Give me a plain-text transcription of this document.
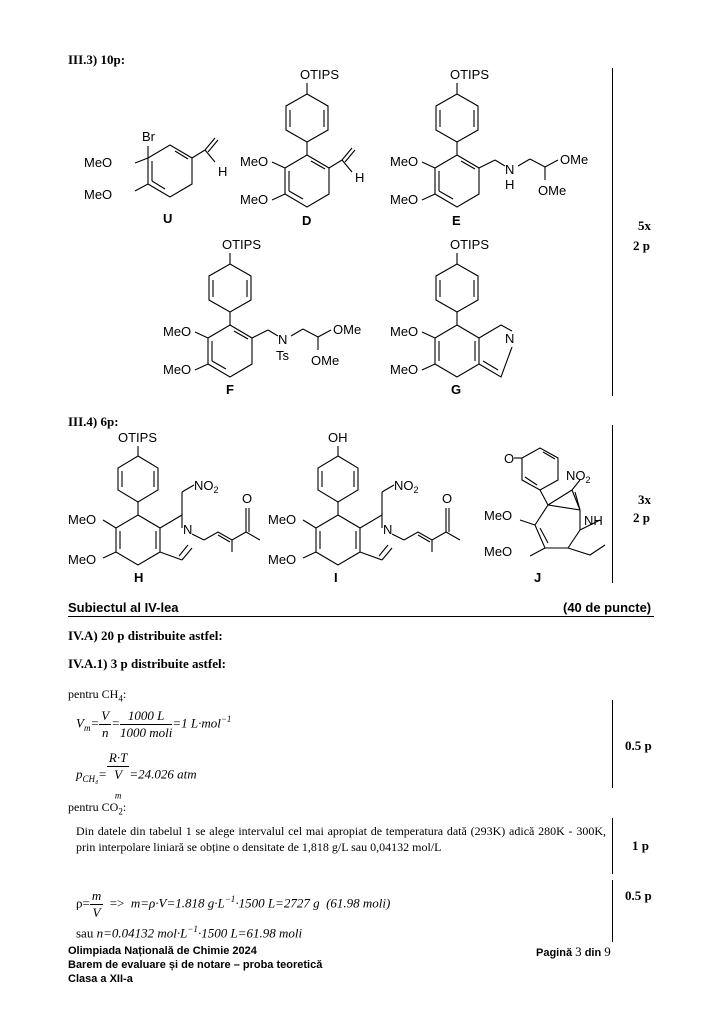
III.3) 10p:
5x
2 p
Br
MeO
MeO
H
U
OTIPS
MeO
MeO
H
D
OTIPS
MeO
MeO
N
H
OMe
OMe
E
OTIPS
MeO
MeO
N
Ts
OMe
OMe
F
OTIPS
MeO
MeO
N
G
III.4) 6p:
3x
2 p
OTIPS
MeO
MeO
N
$NO_2$
O
H
OH
MeO
MeO
N
$NO_2$
O
I
O
$NO_2$
MeO
MeO
NH
J
Subiectul al IV-lea	(40 de puncte)
IV.A) 20 p distribuite astfel:
IV.A.1) 3 p distribuite astfel:
pentru $CH_4$:
$V_m= \frac{V}{n} = \frac{1000 L}{\text{1000 moli}} =1$ L·mol$^{-1}$
$p_{CH_4}= R\cdot T$
V
$_m$ =24.026 atm
0.5 p
pentru $CO_2$:
Din datele din tabelul 1 se alege intervalul cel mai apropiat de temperatura dată (293K) adică 280K - 300K, prin interpolare liniară se obține o densitate de 1,818 g/L sau 0,04132 mol/L	1 p
$\rho= \frac{m}{V} => m=\rho\cdot V=1.818$ $g\cdot L^{-1}\cdot 1500$ L=2727 g (61.98 moli)	0.5 p
sau n=0.04132 $mol\cdot L^{-1}\cdot 1500$ L=61.98 moli
Olimpiada Națională de Chimie 2024
Barem de evaluare și de notare – proba teoretică
Clasa a XII-a
Pagină 3 din 9
